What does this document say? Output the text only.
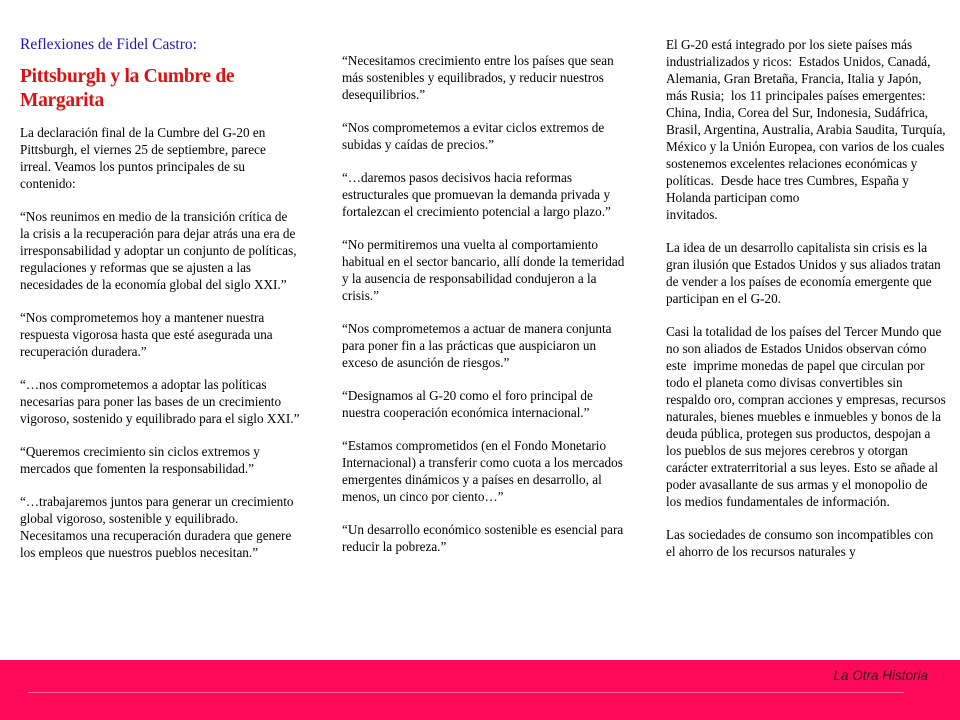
Reflexiones de Fidel Castro:
Pittsburgh y la Cumbre de Margarita

La declaración final de la Cumbre del G-20 en Pittsburgh, el viernes 25 de septiembre, parece irreal. Veamos los puntos principales de su contenido:

“Nos reunimos en medio de la transición crítica de la crisis a la recuperación para dejar atrás una era de irresponsabilidad y adoptar un conjunto de políticas, regulaciones y reformas que se ajusten a las
necesidades de la economía global del siglo XXI.”

“Nos comprometemos hoy a mantener nuestra respuesta vigorosa hasta que esté asegurada una recuperación duradera.”

“…nos comprometemos a adoptar las políticas necesarias para poner las bases de un crecimiento vigoroso, sostenido y equilibrado para el siglo XXI.”

“Queremos crecimiento sin ciclos extremos y mercados que fomenten la responsabilidad.”

“…trabajaremos juntos para generar un crecimiento global vigoroso, sostenible y equilibrado. Necesitamos una recuperación duradera que genere los empleos que nuestros pueblos necesitan.”

“Necesitamos crecimiento entre los países que sean más sostenibles y equilibrados, y reducir nuestros desequilibrios.”

“Nos comprometemos a evitar ciclos extremos de subidas y caídas de precios.”

“…daremos pasos decisivos hacia reformas estructurales que promuevan la demanda privada y fortalezcan el crecimiento potencial a largo plazo.”

“No permitiremos una vuelta al comportamiento habitual en el sector bancario, allí donde la temeridad y la ausencia de responsabilidad condujeron a la crisis.”

“Nos comprometemos a actuar de manera conjunta para poner fin a las prácticas que auspiciaron un exceso de asunción de riesgos.”

“Designamos al G-20 como el foro principal de nuestra cooperación económica internacional.”

“Estamos comprometidos (en el Fondo Monetario Internacional) a transferir como cuota a los mercados emergentes dinámicos y a países en desarrollo, al menos, un cinco por ciento…”

“Un desarrollo económico sostenible es esencial para reducir la pobreza.”

El G-20 está integrado por los siete países más industrializados y ricos:  Estados Unidos, Canadá, Alemania, Gran Bretaña, Francia, Italia y Japón, más Rusia;  los 11 principales países emergentes: China, India, Corea del Sur, Indonesia, Sudáfrica, Brasil, Argentina, Australia, Arabia Saudita, Turquía, México y la Unión Europea, con varios de los cuales sostenemos excelentes relaciones económicas y políticas.  Desde hace tres Cumbres, España y Holanda participan como
invitados.

La idea de un desarrollo capitalista sin crisis es la gran ilusión que Estados Unidos y sus aliados tratan de vender a los países de economía emergente que participan en el G-20.

Casi la totalidad de los países del Tercer Mundo que no son aliados de Estados Unidos observan cómo este  imprime monedas de papel que circulan por todo el planeta como divisas convertibles sin respaldo oro, compran acciones y empresas, recursos naturales, bienes muebles e inmuebles y bonos de la deuda pública, protegen sus productos, despojan a los pueblos de sus mejores cerebros y otorgan carácter extraterritorial a sus leyes. Esto se añade al poder avasallante de sus armas y el monopolio de los medios fundamentales de información.

Las sociedades de consumo son incompatibles con el ahorro de los recursos naturales y

La Otra Historia
